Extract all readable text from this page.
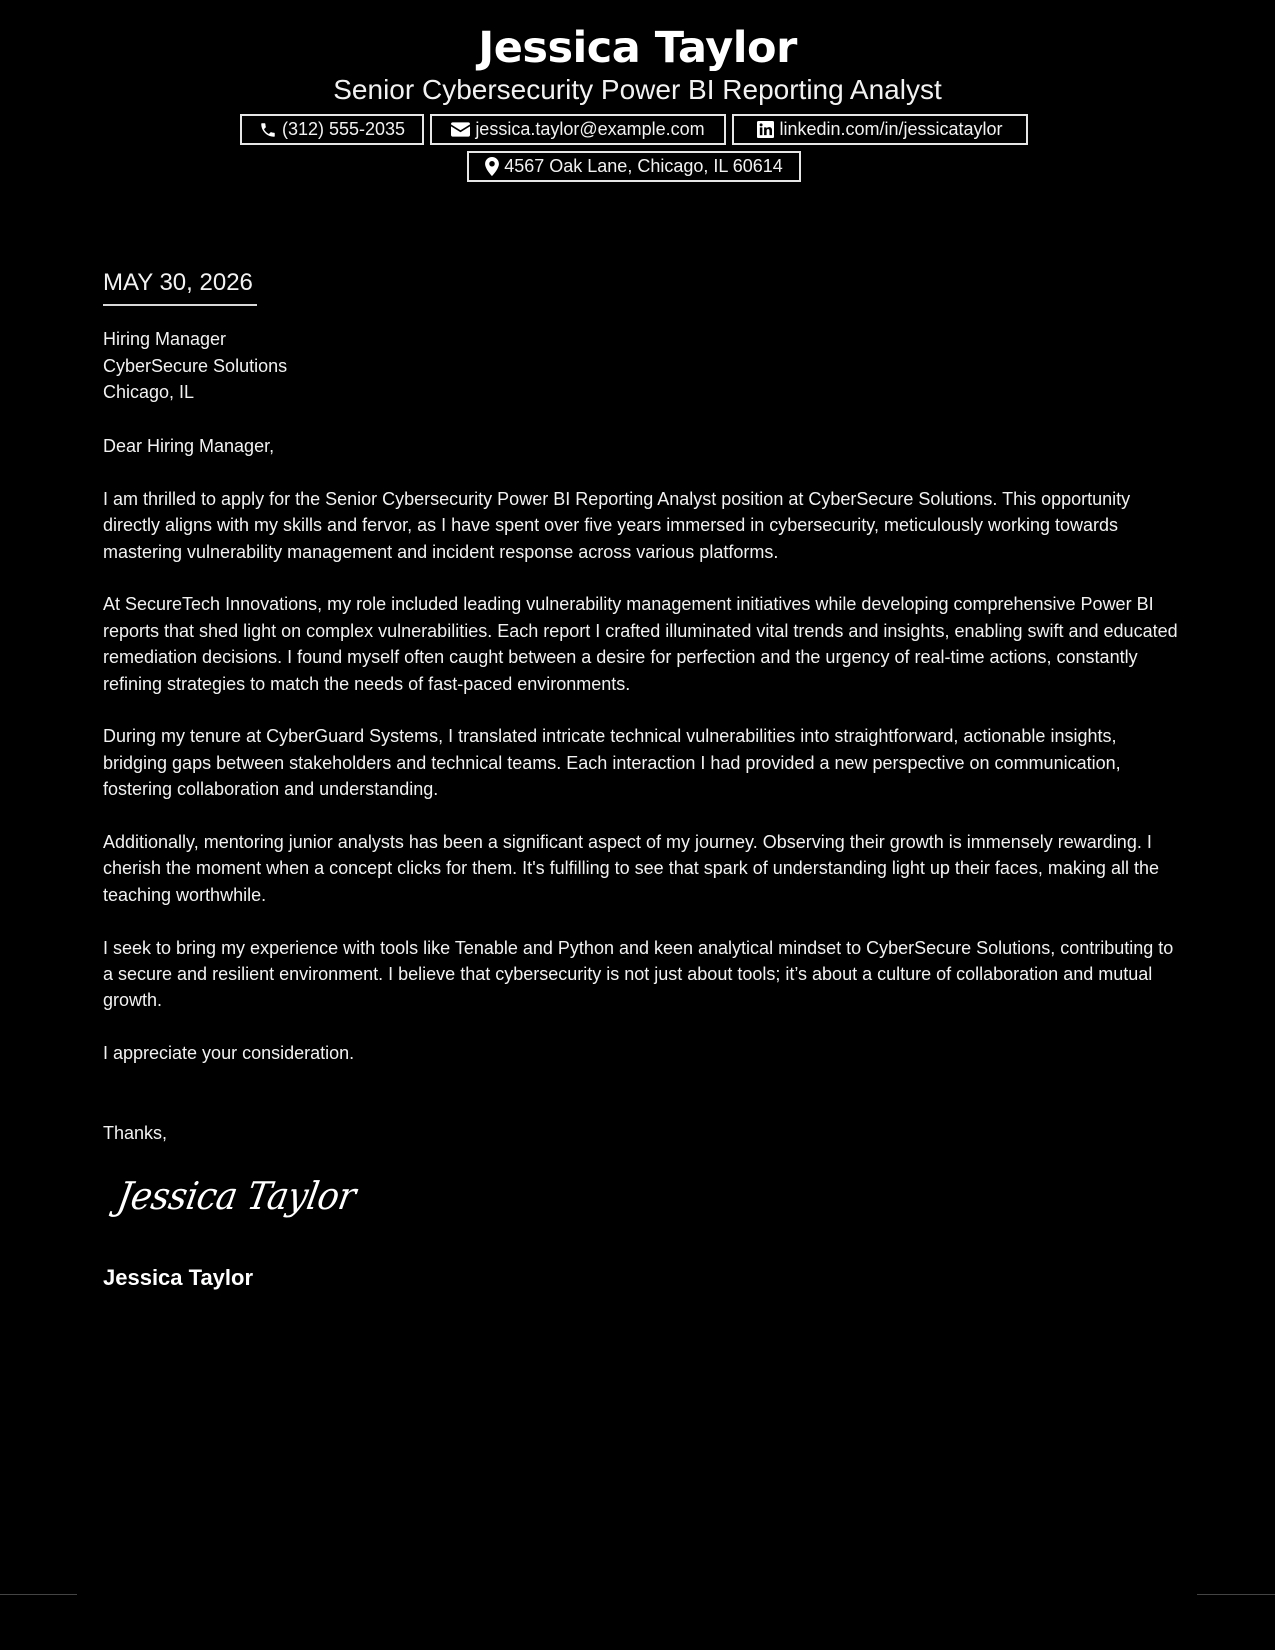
Jessica Taylor
Senior Cybersecurity Power BI Reporting Analyst
(312) 555-2035	jessica.taylor@example.com	linkedin.com/in/jessicataylor
4567 Oak Lane, Chicago, IL 60614
MAY 30, 2026
Hiring Manager
CyberSecure Solutions
Chicago, IL

Dear Hiring Manager,

I am thrilled to apply for the Senior Cybersecurity Power BI Reporting Analyst position at CyberSecure Solutions. This opportunity directly aligns with my skills and fervor, as I have spent over five years immersed in cybersecurity, meticulously working towards mastering vulnerability management and incident response across various platforms.

At SecureTech Innovations, my role included leading vulnerability management initiatives while developing comprehensive Power BI reports that shed light on complex vulnerabilities. Each report I crafted illuminated vital trends and insights, enabling swift and educated remediation decisions. I found myself often caught between a desire for perfection and the urgency of real-time actions, constantly refining strategies to match the needs of fast-paced environments.

During my tenure at CyberGuard Systems, I translated intricate technical vulnerabilities into straightforward, actionable insights, bridging gaps between stakeholders and technical teams. Each interaction I had provided a new perspective on communication, fostering collaboration and understanding.

Additionally, mentoring junior analysts has been a significant aspect of my journey. Observing their growth is immensely rewarding. I cherish the moment when a concept clicks for them. It's fulfilling to see that spark of understanding light up their faces, making all the teaching worthwhile.

I seek to bring my experience with tools like Tenable and Python and keen analytical mindset to CyberSecure Solutions, contributing to a secure and resilient environment. I believe that cybersecurity is not just about tools; it’s about a culture of collaboration and mutual growth.

I appreciate your consideration.

Thanks,
Jessica Taylor
Jessica Taylor
